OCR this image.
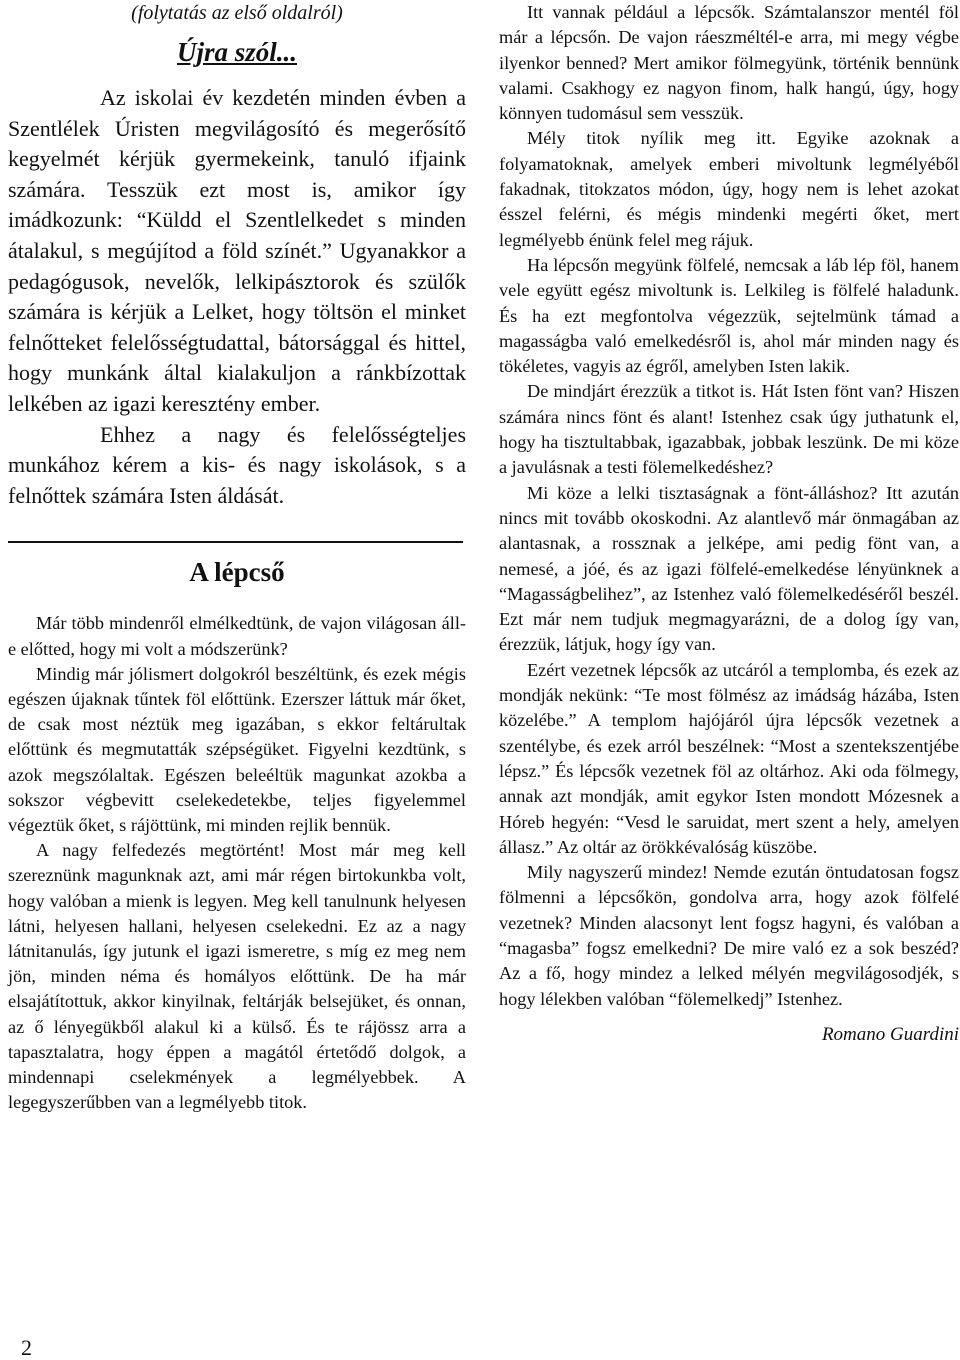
(folytatás az első oldalról)

Újra szól...

Az iskolai év kezdetén minden évben a Szentlélek Úristen megvilágosító és megerősítő kegyelmét kérjük gyermekeink, tanuló ifjaink számára. Tesszük ezt most is, amikor így imádkozunk: “Küldd el Szentlelkedet s minden átalakul, s megújítod a föld színét.” Ugyanakkor a pedagógusok, nevelők, lelkipásztorok és szülők számára is kérjük a Lelket, hogy töltsön el minket felnőtteket felelősségtudattal, bátorsággal és hittel, hogy munkánk által kialakuljon a ránkbízottak lelkében az igazi keresztény ember.

Ehhez a nagy és felelősségteljes munkához kérem a kis- és nagy iskolások, s a felnőttek számára Isten áldását.

A lépcső

Már több mindenről elmélkedtünk, de vajon világosan áll-e előtted, hogy mi volt a módszerünk?

Mindig már jólismert dolgokról beszéltünk, és ezek mégis egészen újaknak tűntek föl előttünk. Ezerszer láttuk már őket, de csak most néztük meg igazában, s ekkor feltárultak előttünk és megmutatták szépségüket. Figyelni kezdtünk, s azok megszólaltak. Egészen beleéltük magunkat azokba a sokszor végbevitt cselekedetekbe, teljes figyelemmel végeztük őket, s rájöttünk, mi minden rejlik bennük.

A nagy felfedezés megtörtént! Most már meg kell szereznünk magunknak azt, ami már régen birtokunkba volt, hogy valóban a mienk is legyen. Meg kell tanulnunk helyesen látni, helyesen hallani, helyesen cselekedni. Ez az a nagy látnitanulás, így jutunk el igazi ismeretre, s míg ez meg nem jön, minden néma és homályos előttünk. De ha már elsajátítottuk, akkor kinyilnak, feltárják belsejüket, és onnan, az ő lényegükből alakul ki a külső. És te rájössz arra a tapasztalatra, hogy éppen a magától értetődő dolgok, a mindennapi cselekmények a legmélyebbek. A legegyszerűbben van a legmélyebb titok.

2

Itt vannak például a lépcsők. Számtalanszor mentél föl már a lépcsőn. De vajon ráeszméltél-e arra, mi megy végbe ilyenkor benned? Mert amikor fölmegyünk, történik bennünk valami. Csakhogy ez nagyon finom, halk hangú, úgy, hogy könnyen tudomásul sem vesszük.

Mély titok nyílik meg itt. Egyike azoknak a folyamatoknak, amelyek emberi mivoltunk legmélyéből fakadnak, titokzatos módon, úgy, hogy nem is lehet azokat ésszel felérni, és mégis mindenki megérti őket, mert legmélyebb énünk felel meg rájuk.

Ha lépcsőn megyünk fölfelé, nemcsak a láb lép föl, hanem vele együtt egész mivoltunk is. Lelkileg is fölfelé haladunk. És ha ezt megfontolva végezzük, sejtelmünk támad a magasságba való emelkedésről is, ahol már minden nagy és tökéletes, vagyis az égről, amelyben Isten lakik.

De mindjárt érezzük a titkot is. Hát Isten fönt van? Hiszen számára nincs fönt és alant! Istenhez csak úgy juthatunk el, hogy ha tisztultabbak, igazabbak, jobbak leszünk. De mi köze a javulásnak a testi fölemelkedéshez?

Mi köze a lelki tisztaságnak a fönt-álláshoz? Itt azután nincs mit tovább okoskodni. Az alantlevő már önmagában az alantasnak, a rossznak a jelképe, ami pedig fönt van, a nemesé, a jóé, és az igazi fölfelé-emelkedése lényünknek a “Magasságbelihez”, az Istenhez való fölemelkedéséről beszél. Ezt már nem tudjuk megmagyarázni, de a dolog így van, érezzük, látjuk, hogy így van.

Ezért vezetnek lépcsők az utcáról a templomba, és ezek az mondják nekünk: “Te most fölmész az imádság házába, Isten közelébe.” A templom hajójáról újra lépcsők vezetnek a szentélybe, és ezek arról beszélnek: “Most a szentekszentjébe lépsz.” És lépcsők vezetnek föl az oltárhoz. Aki oda fölmegy, annak azt mondják, amit egykor Isten mondott Mózesnek a Hóreb hegyén: “Vesd le saruidat, mert szent a hely, amelyen állasz.” Az oltár az örökkévalóság küszöbe.

Mily nagyszerű mindez! Nemde ezután öntudatosan fogsz fölmenni a lépcsőkön, gondolva arra, hogy azok fölfelé vezetnek? Minden alacsonyt lent fogsz hagyni, és valóban a “magasba” fogsz emelkedni? De mire való ez a sok beszéd? Az a fő, hogy mindez a lelked mélyén megvilágosodjék, s hogy lélekben valóban “fölemelkedj” Istenhez.

Romano Guardini
